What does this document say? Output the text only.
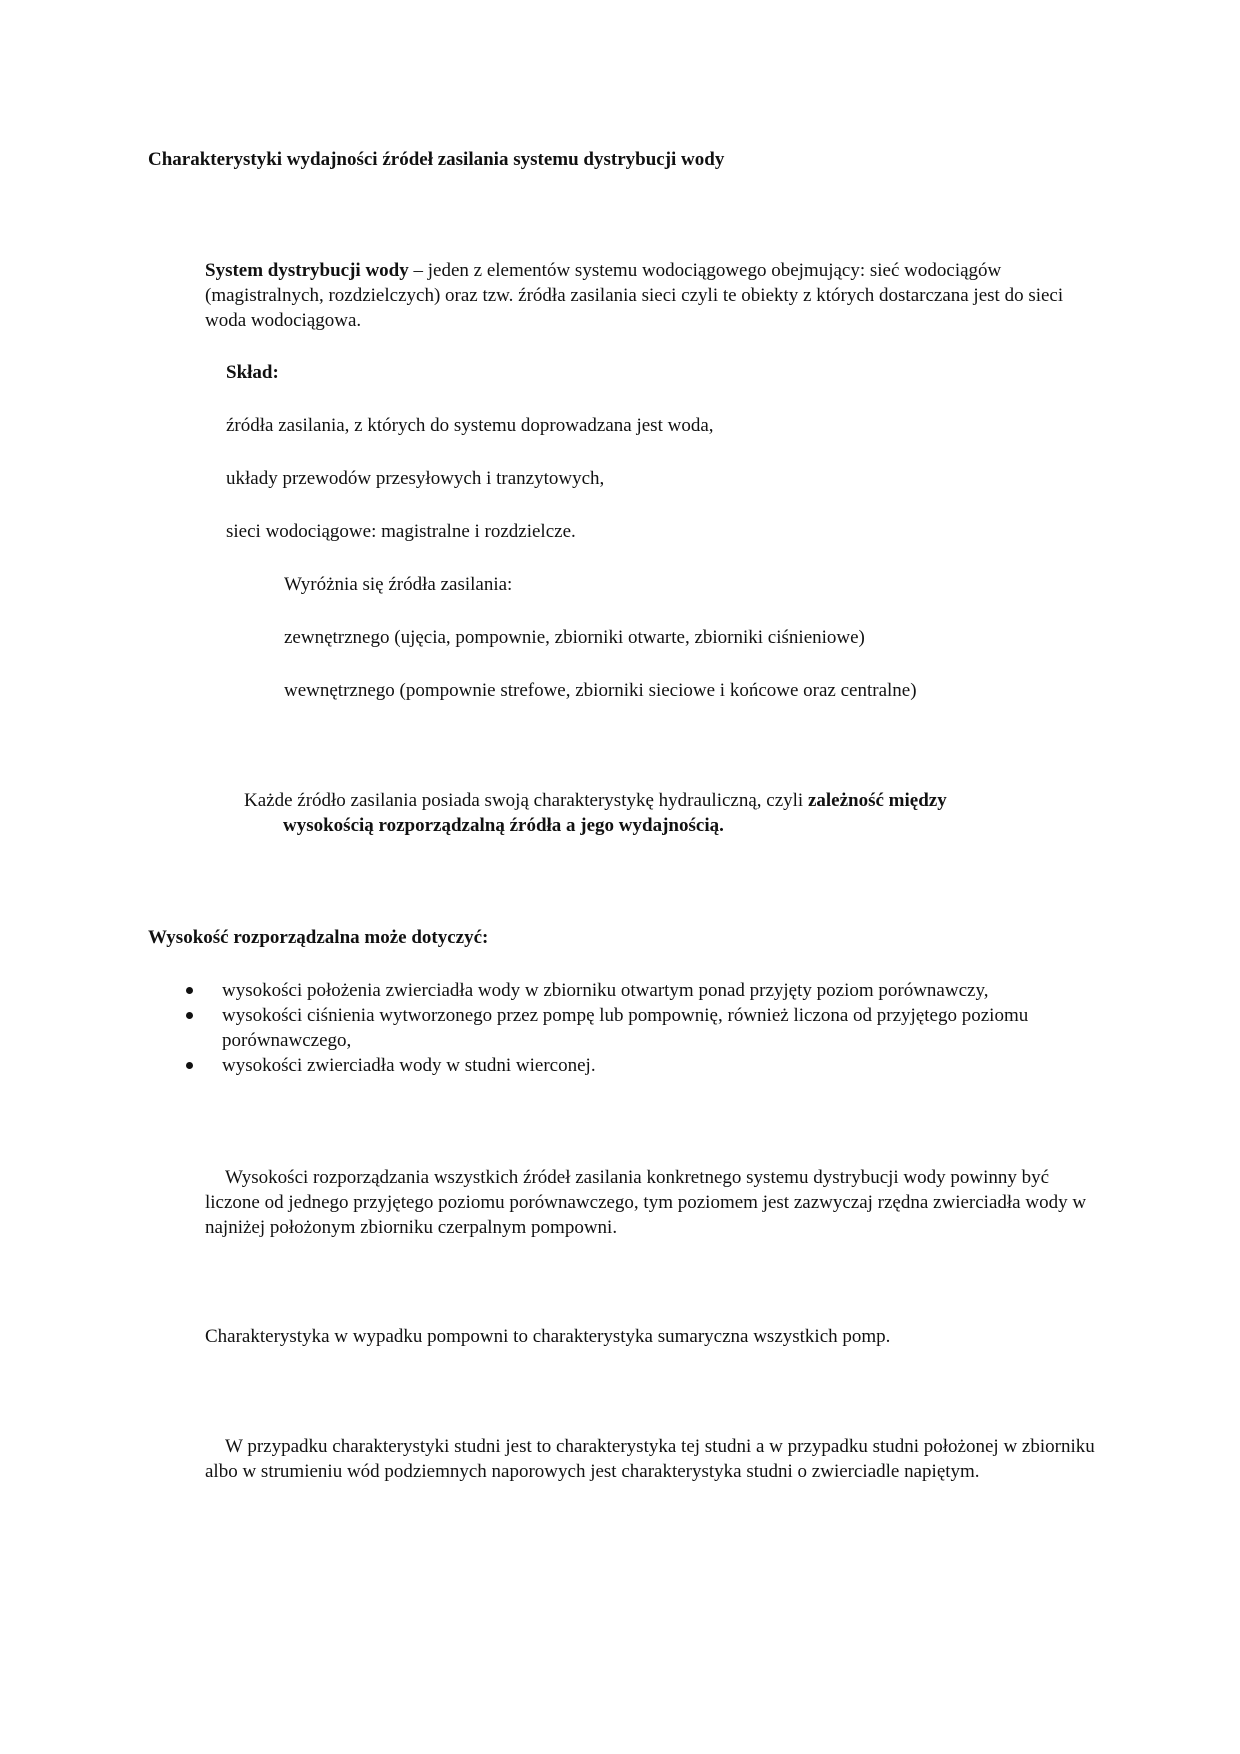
Charakterystyki wydajności źródeł zasilania systemu dystrybucji wody

System dystrybucji wody – jeden z elementów systemu wodociągowego obejmujący: sieć wodociągów (magistralnych, rozdzielczych) oraz tzw. źródła zasilania sieci czyli te obiekty z których dostarczana jest do sieci woda wodociągowa.

Skład:

źródła zasilania, z których do systemu doprowadzana jest woda,

układy przewodów przesyłowych i tranzytowych,

sieci wodociągowe: magistralne i rozdzielcze.

Wyróżnia się źródła zasilania:

zewnętrznego (ujęcia, pompownie, zbiorniki otwarte, zbiorniki ciśnieniowe)

wewnętrznego (pompownie strefowe, zbiorniki sieciowe i końcowe oraz centralne)

Każde źródło zasilania posiada swoją charakterystykę hydrauliczną, czyli zależność między
wysokością rozporządzalną źródła a jego wydajnością.

Wysokość rozporządzalna może dotyczyć:

wysokości położenia zwierciadła wody w zbiorniku otwartym ponad przyjęty poziom porównawczy,
wysokości ciśnienia wytworzonego przez pompę lub pompownię, również liczona od przyjętego poziomu porównawczego,
wysokości zwierciadła wody w studni wierconej.

Wysokości rozporządzania wszystkich źródeł zasilania konkretnego systemu dystrybucji wody powinny być liczone od jednego przyjętego poziomu porównawczego, tym poziomem jest zazwyczaj rzędna zwierciadła wody w najniżej położonym zbiorniku czerpalnym pompowni.

Charakterystyka w wypadku pompowni to charakterystyka sumaryczna wszystkich pomp.

W przypadku charakterystyki studni jest to charakterystyka tej studni a w przypadku studni położonej w zbiorniku albo w strumieniu wód podziemnych naporowych jest charakterystyka studni o zwierciadle napiętym.
